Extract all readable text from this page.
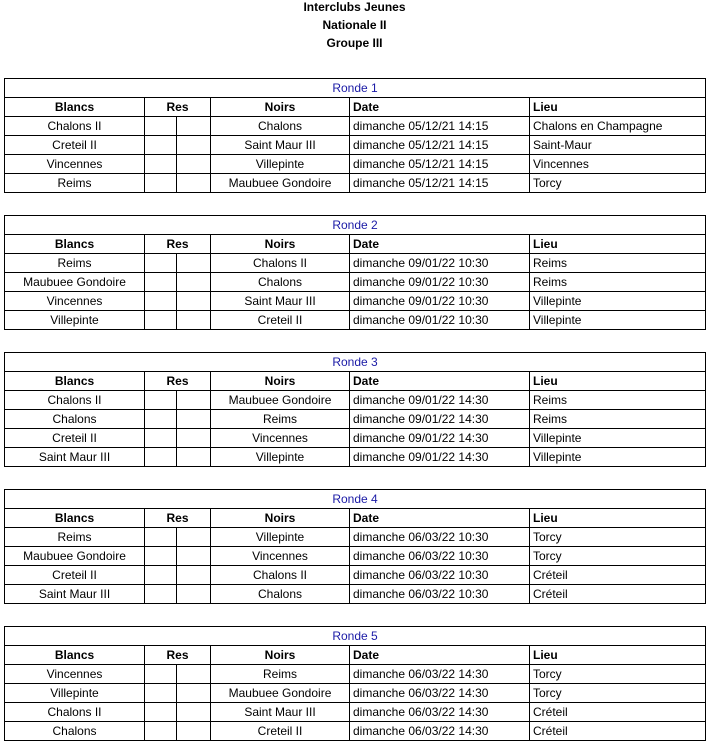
Interclubs Jeunes
Nationale II
Groupe III
Ronde 1					
Blancs	Res		Noirs	Date	Lieu
Chalons II			Chalons	dimanche 05/12/21 14:15	Chalons en Champagne
Creteil II			Saint Maur III	dimanche 05/12/21 14:15	Saint-Maur
Vincennes			Villepinte	dimanche 05/12/21 14:15	Vincennes
Reims			Maubuee Gondoire	dimanche 05/12/21 14:15	Torcy
Ronde 2					
Blancs	Res		Noirs	Date	Lieu
Reims			Chalons II	dimanche 09/01/22 10:30	Reims
Maubuee Gondoire			Chalons	dimanche 09/01/22 10:30	Reims
Vincennes			Saint Maur III	dimanche 09/01/22 10:30	Villepinte
Villepinte			Creteil II	dimanche 09/01/22 10:30	Villepinte
Ronde 3					
Blancs	Res		Noirs	Date	Lieu
Chalons II			Maubuee Gondoire	dimanche 09/01/22 14:30	Reims
Chalons			Reims	dimanche 09/01/22 14:30	Reims
Creteil II			Vincennes	dimanche 09/01/22 14:30	Villepinte
Saint Maur III			Villepinte	dimanche 09/01/22 14:30	Villepinte
Ronde 4					
Blancs	Res		Noirs	Date	Lieu
Reims			Villepinte	dimanche 06/03/22 10:30	Torcy
Maubuee Gondoire			Vincennes	dimanche 06/03/22 10:30	Torcy
Creteil II			Chalons II	dimanche 06/03/22 10:30	Créteil
Saint Maur III			Chalons	dimanche 06/03/22 10:30	Créteil
Ronde 5					
Blancs	Res		Noirs	Date	Lieu
Vincennes			Reims	dimanche 06/03/22 14:30	Torcy
Villepinte			Maubuee Gondoire	dimanche 06/03/22 14:30	Torcy
Chalons II			Saint Maur III	dimanche 06/03/22 14:30	Créteil
Chalons			Creteil II	dimanche 06/03/22 14:30	Créteil
